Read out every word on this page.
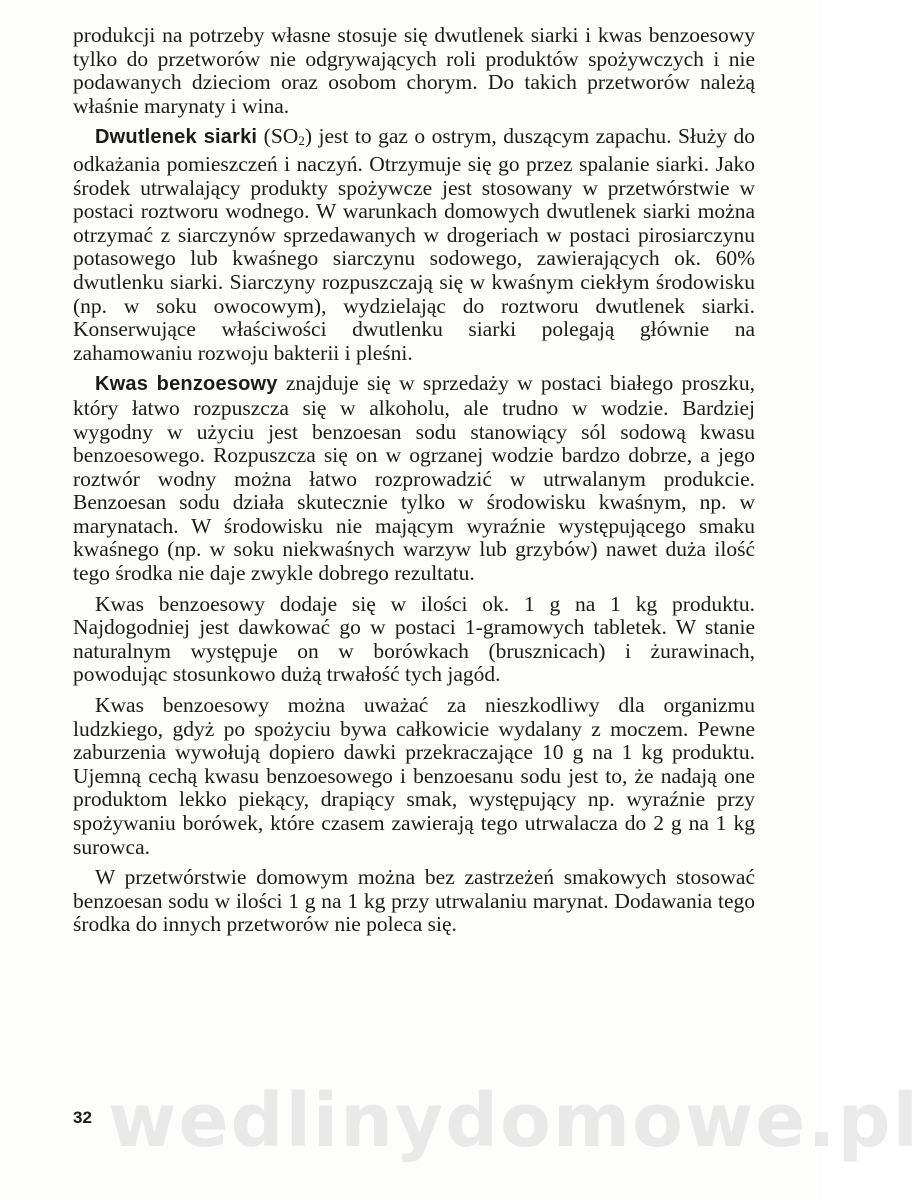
produkcji na potrzeby własne stosuje się dwutlenek siarki i kwas benzoesowy tylko do przetworów nie odgrywających roli produktów spożywczych i nie podawanych dzieciom oraz osobom chorym. Do takich przetworów należą właśnie marynaty i wina.

Dwutlenek siarki $(SO_2)$ jest to gaz o ostrym, duszącym zapachu. Służy do odkażania pomieszczeń i naczyń. Otrzymuje się go przez spalanie siarki. Jako środek utrwalający produkty spożywcze jest stosowany w przetwórstwie w postaci roztworu wodnego. W warunkach domowych dwutlenek siarki można otrzymać z siarczynów sprzedawanych w drogeriach w postaci pirosiarczynu potasowego lub kwaśnego siarczynu sodowego, zawierających ok. 60% dwutlenku siarki. Siarczyny rozpuszczają się w kwaśnym ciekłym środowisku (np. w soku owocowym), wydzielając do roztworu dwutlenek siarki. Konserwujące właściwości dwutlenku siarki polegają głównie na zahamowaniu rozwoju bakterii i pleśni.

Kwas benzoesowy znajduje się w sprzedaży w postaci białego proszku, który łatwo rozpuszcza się w alkoholu, ale trudno w wodzie. Bardziej wygodny w użyciu jest benzoesan sodu stanowiący sól sodową kwasu benzoesowego. Rozpuszcza się on w ogrzanej wodzie bardzo dobrze, a jego roztwór wodny można łatwo rozprowadzić w utrwalanym produkcie. Benzoesan sodu działa skutecznie tylko w środowisku kwaśnym, np. w marynatach. W środowisku nie mającym wyraźnie występującego smaku kwaśnego (np. w soku niekwaśnych warzyw lub grzybów) nawet duża ilość tego środka nie daje zwykle dobrego rezultatu.

Kwas benzoesowy dodaje się w ilości ok. 1 g na 1 kg produktu. Najdogodniej jest dawkować go w postaci 1-gramowych tabletek. W stanie naturalnym występuje on w borówkach (brusznicach) i żurawinach, powodując stosunkowo dużą trwałość tych jagód.

Kwas benzoesowy można uważać za nieszkodliwy dla organizmu ludzkiego, gdyż po spożyciu bywa całkowicie wydalany z moczem. Pewne zaburzenia wywołują dopiero dawki przekraczające 10 g na 1 kg produktu. Ujemną cechą kwasu benzoesowego i benzoesanu sodu jest to, że nadają one produktom lekko piekący, drapiący smak, występujący np. wyraźnie przy spożywaniu borówek, które czasem zawierają tego utrwalacza do 2 g na 1 kg surowca.

W przetwórstwie domowym można bez zastrzeżeń smakowych stosować benzoesan sodu w ilości 1 g na 1 kg przy utrwalaniu marynat. Dodawania tego środka do innych przetworów nie poleca się.

wedlinydomowe.pl
32
